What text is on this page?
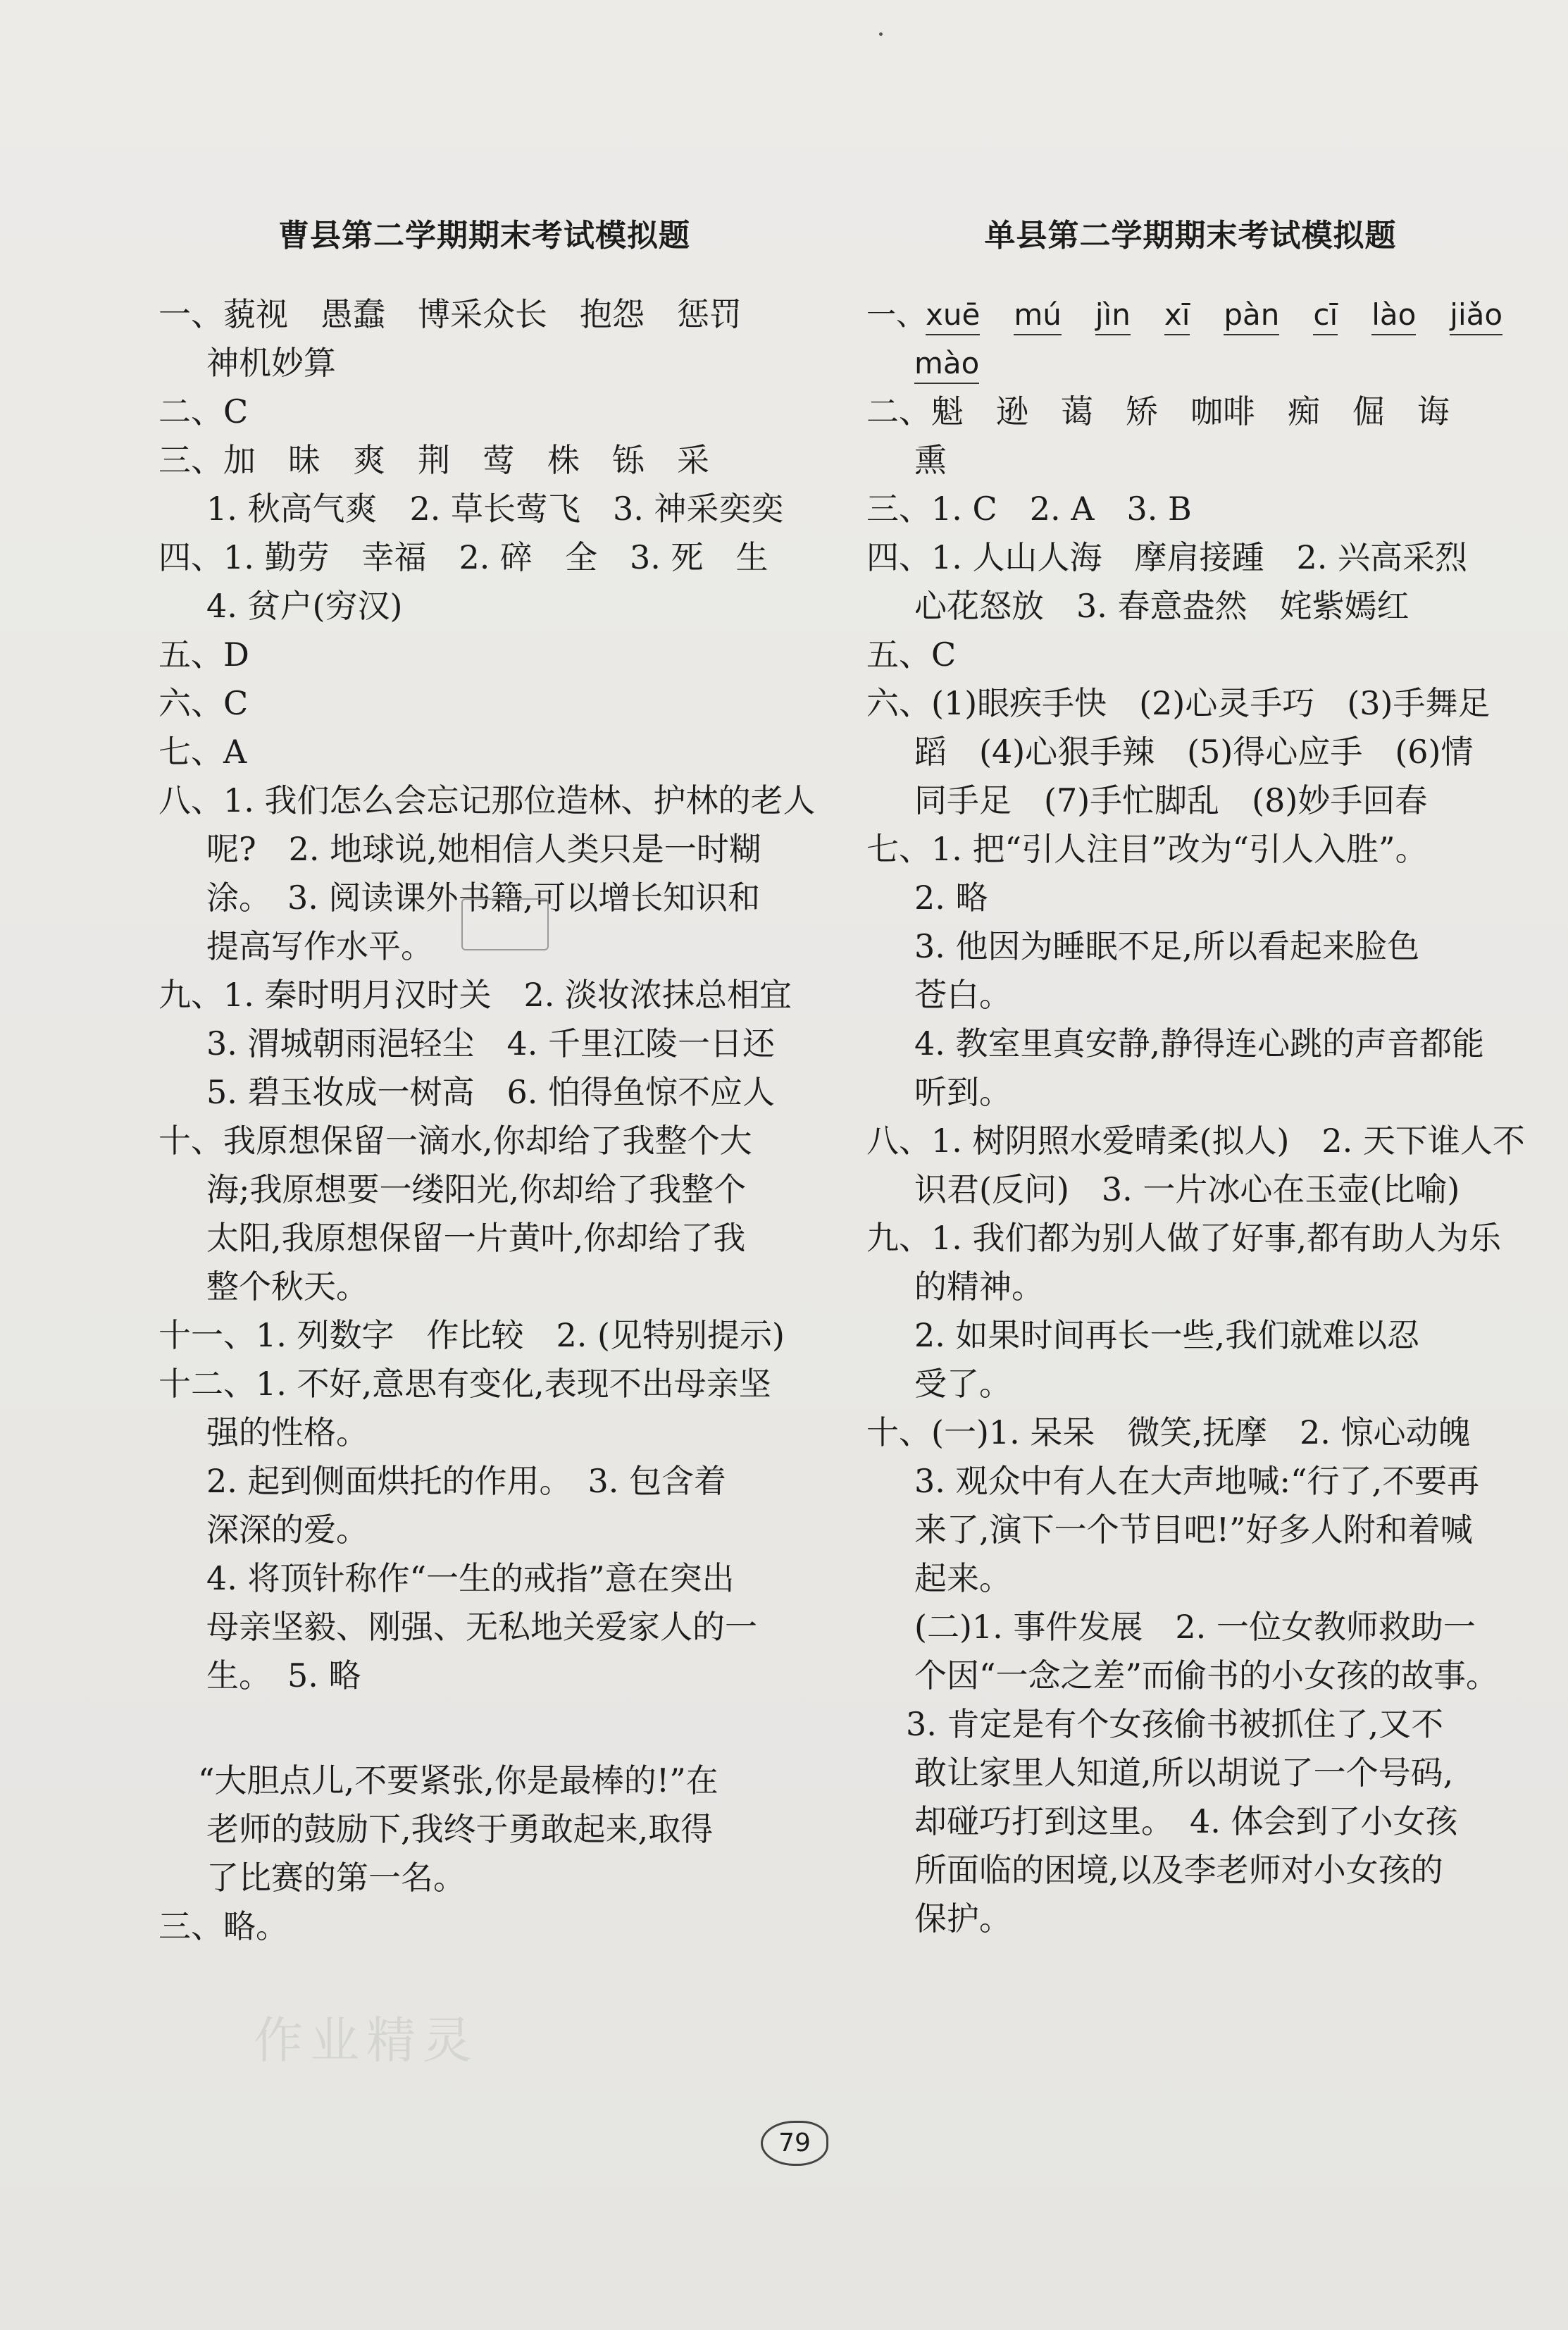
曹县第二学期期末考试模拟题
一、藐视　愚蠢　博采众长　抱怨　惩罚
神机妙算
二、C
三、加　昧　爽　荆　莺　株　铄　采
1. 秋高气爽　2. 草长莺飞　3. 神采奕奕
四、1. 勤劳　幸福　2. 碎　全　3. 死　生
4. 贫户(穷汉)
五、D
六、C
七、A
八、1. 我们怎么会忘记那位造林、护林的老人
呢?　2. 地球说,她相信人类只是一时糊
涂。　3. 阅读课外书籍,可以增长知识和
提高写作水平。
九、1. 秦时明月汉时关　2. 淡妆浓抹总相宜
3. 渭城朝雨浥轻尘　4. 千里江陵一日还
5. 碧玉妆成一树高　6. 怕得鱼惊不应人
十、我原想保留一滴水,你却给了我整个大
海;我原想要一缕阳光,你却给了我整个
太阳,我原想保留一片黄叶,你却给了我
整个秋天。
十一、1. 列数字　作比较　2. (见特别提示)
十二、1. 不好,意思有变化,表现不出母亲坚
强的性格。
2. 起到侧面烘托的作用。　3. 包含着
深深的爱。
4. 将顶针称作“一生的戒指”意在突出
母亲坚毅、刚强、无私地关爱家人的一
生。　5. 略
“大胆点儿,不要紧张,你是最棒的!”在
老师的鼓励下,我终于勇敢起来,取得
了比赛的第一名。
三、略。
单县第二学期期末考试模拟题
一、xuē mú jìn xī pàn cī lào jiǎo
mào
二、魁　逊　蔼　矫　咖啡　痴　倔　诲
熏
三、1. C　2. A　3. B
四、1. 人山人海　摩肩接踵　2. 兴高采烈
心花怒放　3. 春意盎然　姹紫嫣红
五、C
六、(1)眼疾手快　(2)心灵手巧　(3)手舞足
蹈　(4)心狠手辣　(5)得心应手　(6)情
同手足　(7)手忙脚乱　(8)妙手回春
七、1. 把“引人注目”改为“引人入胜”。
2. 略
3. 他因为睡眠不足,所以看起来脸色
苍白。
4. 教室里真安静,静得连心跳的声音都能
听到。
八、1. 树阴照水爱晴柔(拟人)　2. 天下谁人不
识君(反问)　3. 一片冰心在玉壶(比喻)
九、1. 我们都为别人做了好事,都有助人为乐
的精神。
2. 如果时间再长一些,我们就难以忍
受了。
十、(一)1. 呆呆　微笑,抚摩　2. 惊心动魄
3. 观众中有人在大声地喊:“行了,不要再
来了,演下一个节目吧!”好多人附和着喊
起来。
(二)1. 事件发展　2. 一位女教师救助一
个因“一念之差”而偷书的小女孩的故事。
3. 肯定是有个女孩偷书被抓住了,又不
敢让家里人知道,所以胡说了一个号码,
却碰巧打到这里。　4. 体会到了小女孩
所面临的困境,以及李老师对小女孩的
保护。
作业精灵
79
